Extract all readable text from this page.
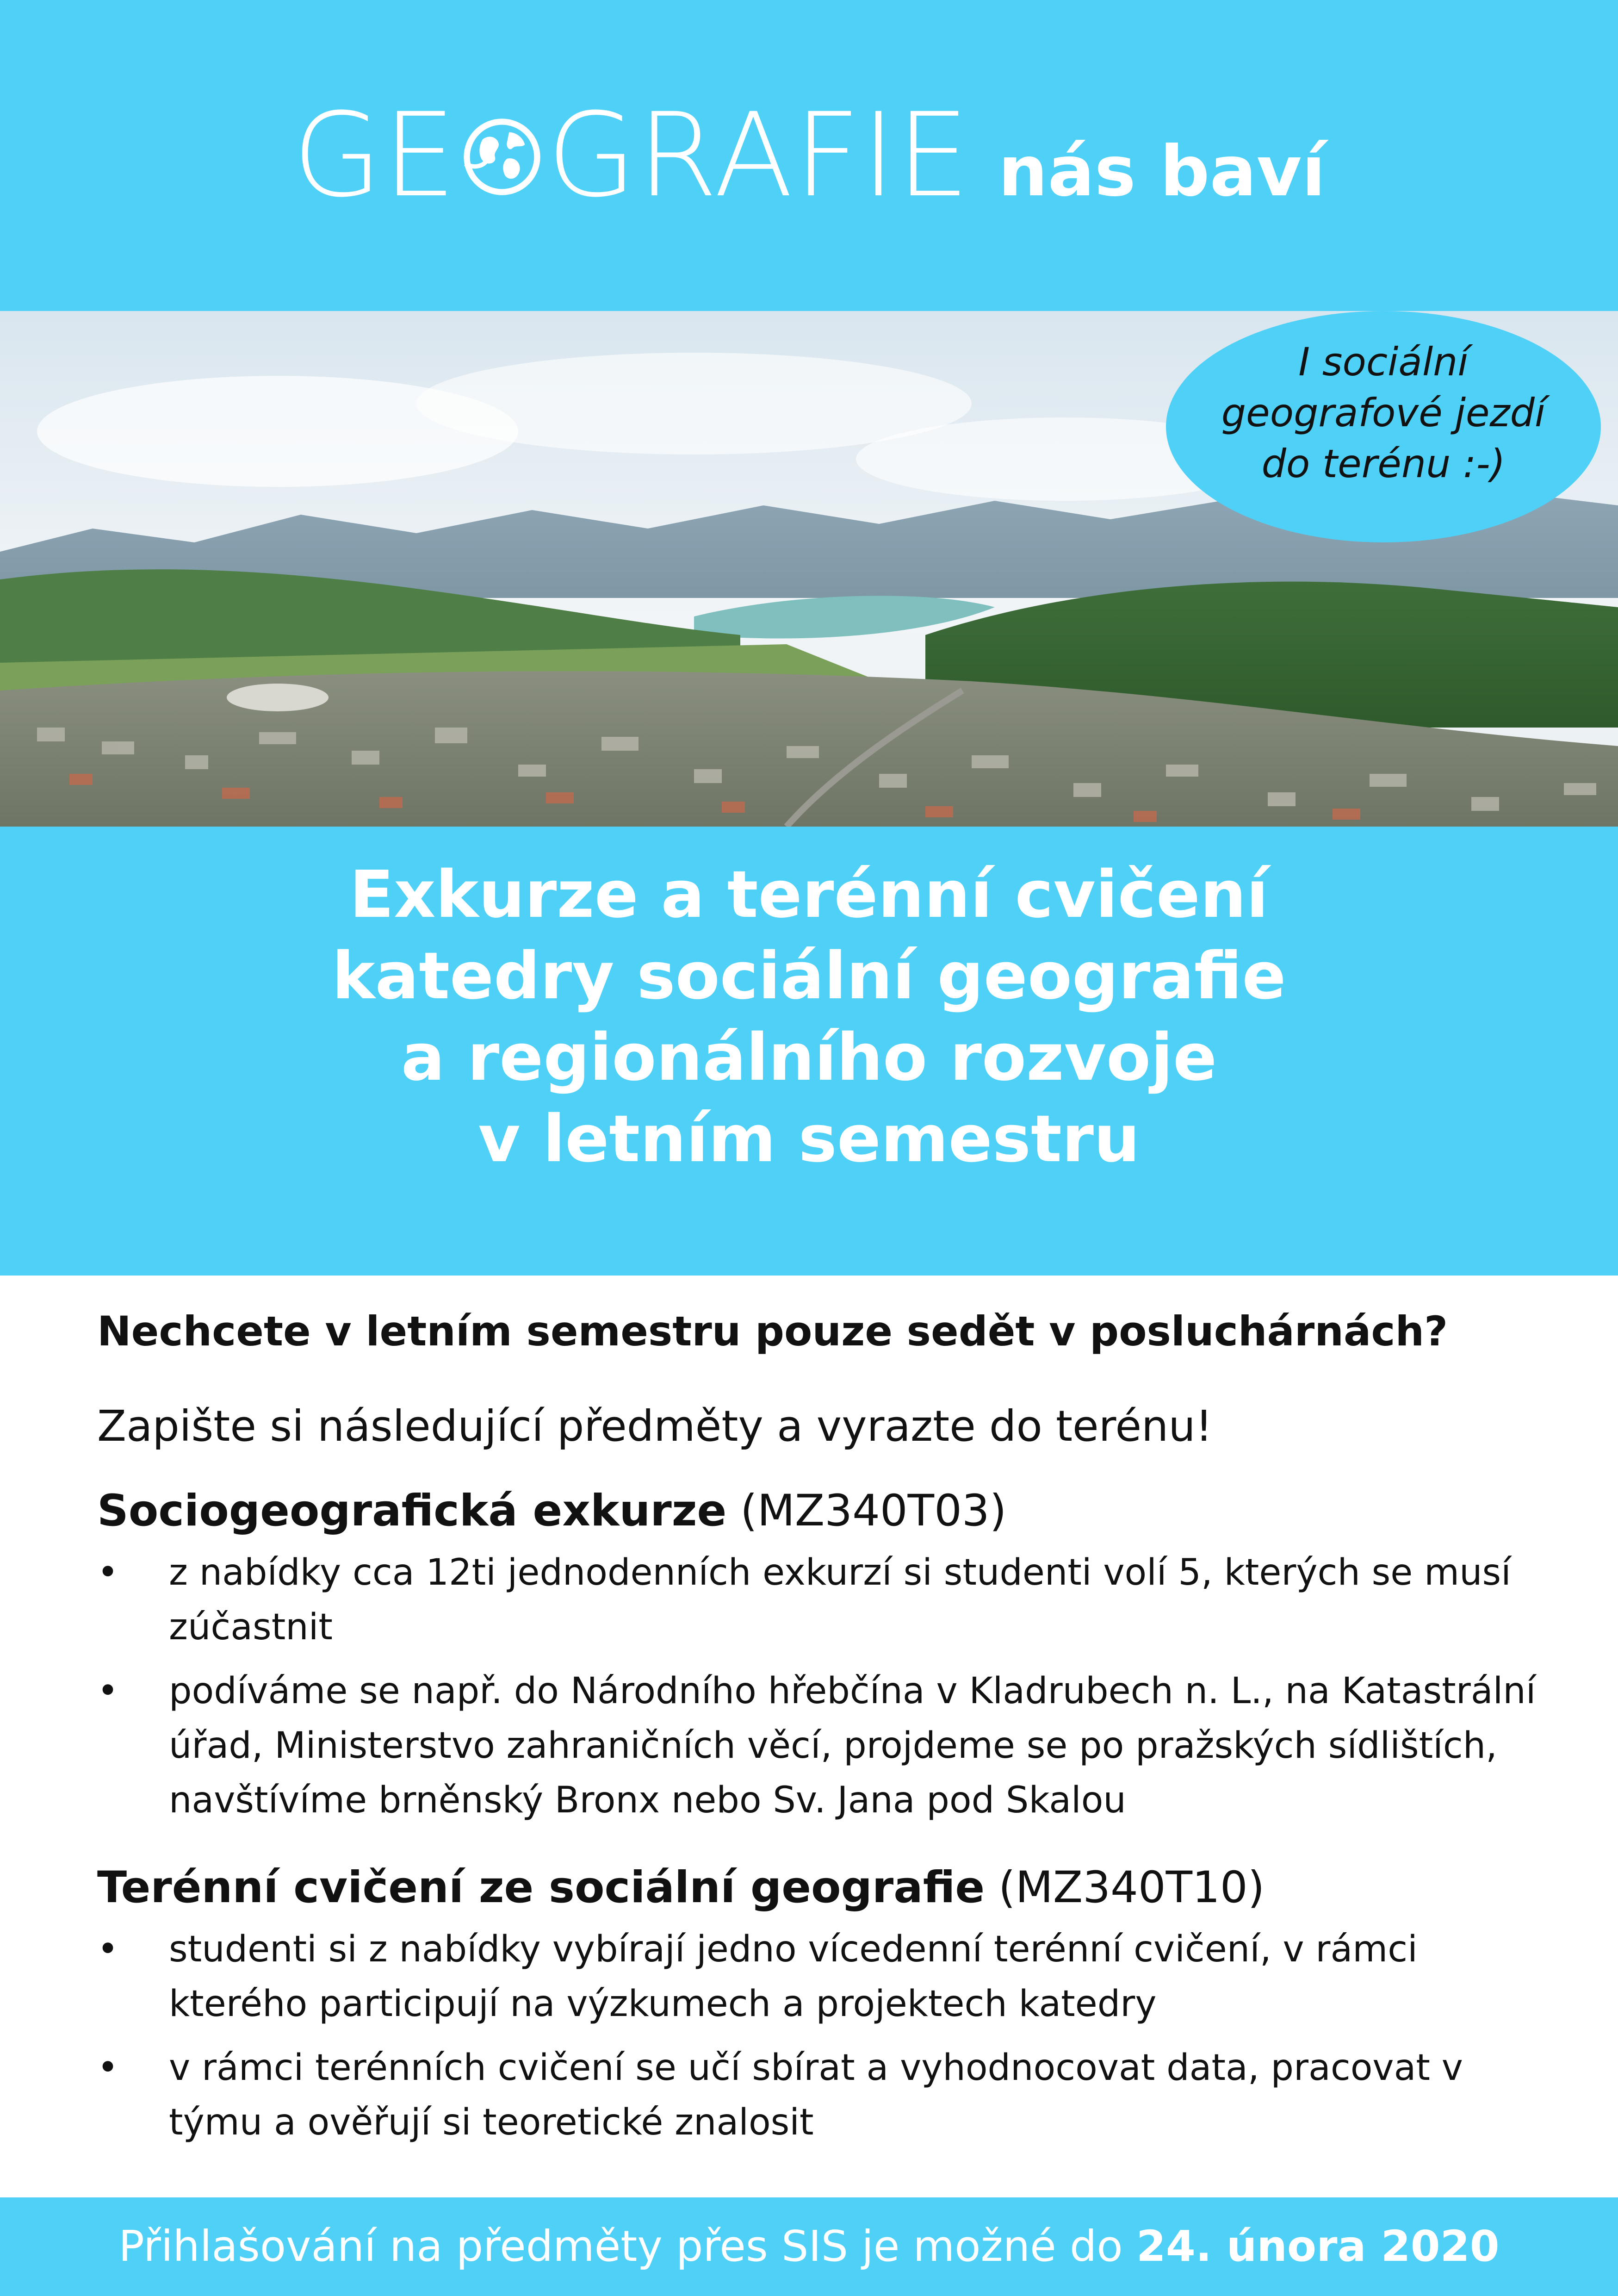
GE GRAFIE nás baví
I sociální
geografové jezdí
do terénu :-)
Exkurze a terénní cvičení
katedry sociální geografie
a regionálního rozvoje
v letním semestru

Nechcete v letním semestru pouze sedět v posluchárnách?

Zapište si následující předměty a vyrazte do terénu!

Sociogeografická exkurze (MZ340T03)
• z nabídky cca 12ti jednodenních exkurzí si studenti volí 5, kterých se musí zúčastnit
• podíváme se např. do Národního hřebčína v Kladrubech n. L., na Katastrální úřad, Ministerstvo zahraničních věcí, projdeme se po pražských sídlištích, navštívíme brněnský Bronx nebo Sv. Jana pod Skalou
Terénní cvičení ze sociální geografie (MZ340T10)
• studenti si z nabídky vybírají jedno vícedenní terénní cvičení, v rámci kterého participují na výzkumech a projektech katedry
• v rámci terénních cvičení se učí sbírat a vyhodnocovat data, pracovat v týmu a ověřují si teoretické znalosit
Přihlašování na předměty přes SIS je možné do 24. února 2020
